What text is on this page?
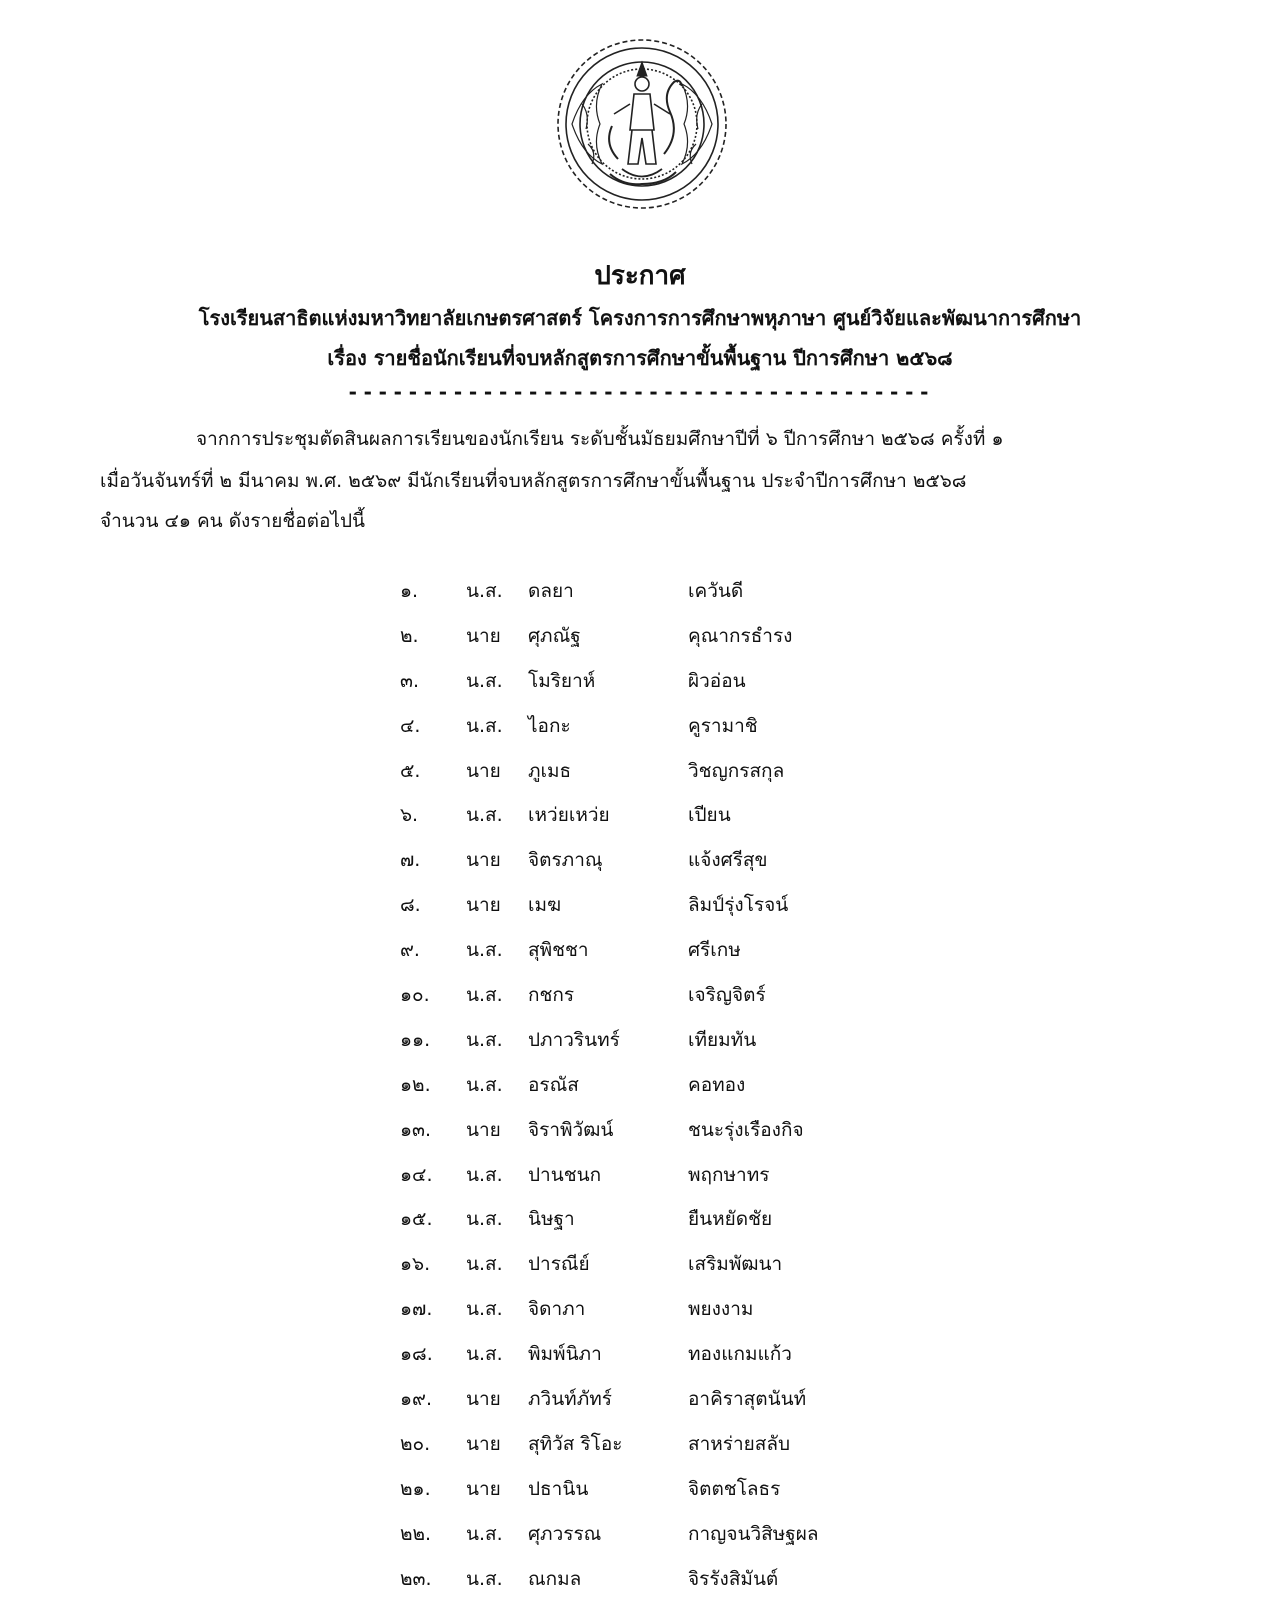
ประกาศ
โรงเรียนสาธิตแห่งมหาวิทยาลัยเกษตรศาสตร์ โครงการการศึกษาพหุภาษา ศูนย์วิจัยและพัฒนาการศึกษา
เรื่อง รายชื่อนักเรียนที่จบหลักสูตรการศึกษาขั้นพื้นฐาน ปีการศึกษา ๒๕๖๘
---------------------------------------
จากการประชุมตัดสินผลการเรียนของนักเรียน ระดับชั้นมัธยมศึกษาปีที่ ๖ ปีการศึกษา ๒๕๖๘ ครั้งที่ ๑
เมื่อวันจันทร์ที่ ๒ มีนาคม พ.ศ. ๒๕๖๙ มีนักเรียนที่จบหลักสูตรการศึกษาขั้นพื้นฐาน ประจำปีการศึกษา ๒๕๖๘
จำนวน ๔๑ คน ดังรายชื่อต่อไปนี้
๑.	น.ส. ดลยา	เควันดี
๒. นาย ศุภณัฐ	คุณากรธำรง
๓. น.ส. โมริยาห์	ผิวอ่อน
๔. น.ส. ไอกะ	คูรามาชิ
๕. นาย ภูเมธ	วิชญกรสกุล
๖.	น.ส. เหว่ยเหว่ย	เปียน
๗. นาย จิตรภาณุ	แจ้งศรีสุข
๘. นาย เมฆ	ลิมป์รุ่งโรจน์
๙. น.ส. สุพิชชา	ศรีเกษ
๑๐. น.ส. กชกร	เจริญจิตร์
๑๑. น.ส. ปภาวรินทร์	เทียมทัน
๑๒. น.ส. อรณัส	คอทอง
๑๓. นาย จิราพิวัฒน์	ชนะรุ่งเรืองกิจ
๑๔. น.ส. ปานชนก	พฤกษาทร
๑๕. น.ส. นิษฐา	ยืนหยัดชัย
๑๖. น.ส. ปารณีย์	เสริมพัฒนา
๑๗. น.ส. จิดาภา	พยงงาม
๑๘. น.ส. พิมพ์นิภา	ทองแกมแก้ว
๑๙. นาย ภวินท์ภัทร์	อาคิราสุตนันท์
๒๐. นาย สุทิวัส ริโอะ	สาหร่ายสลับ
๒๑. นาย ปธานิน	จิตตชโลธร
๒๒. น.ส. ศุภวรรณ	กาญจนวิสิษฐผล
๒๓. น.ส. ณกมล	จิรรังสิมันต์
